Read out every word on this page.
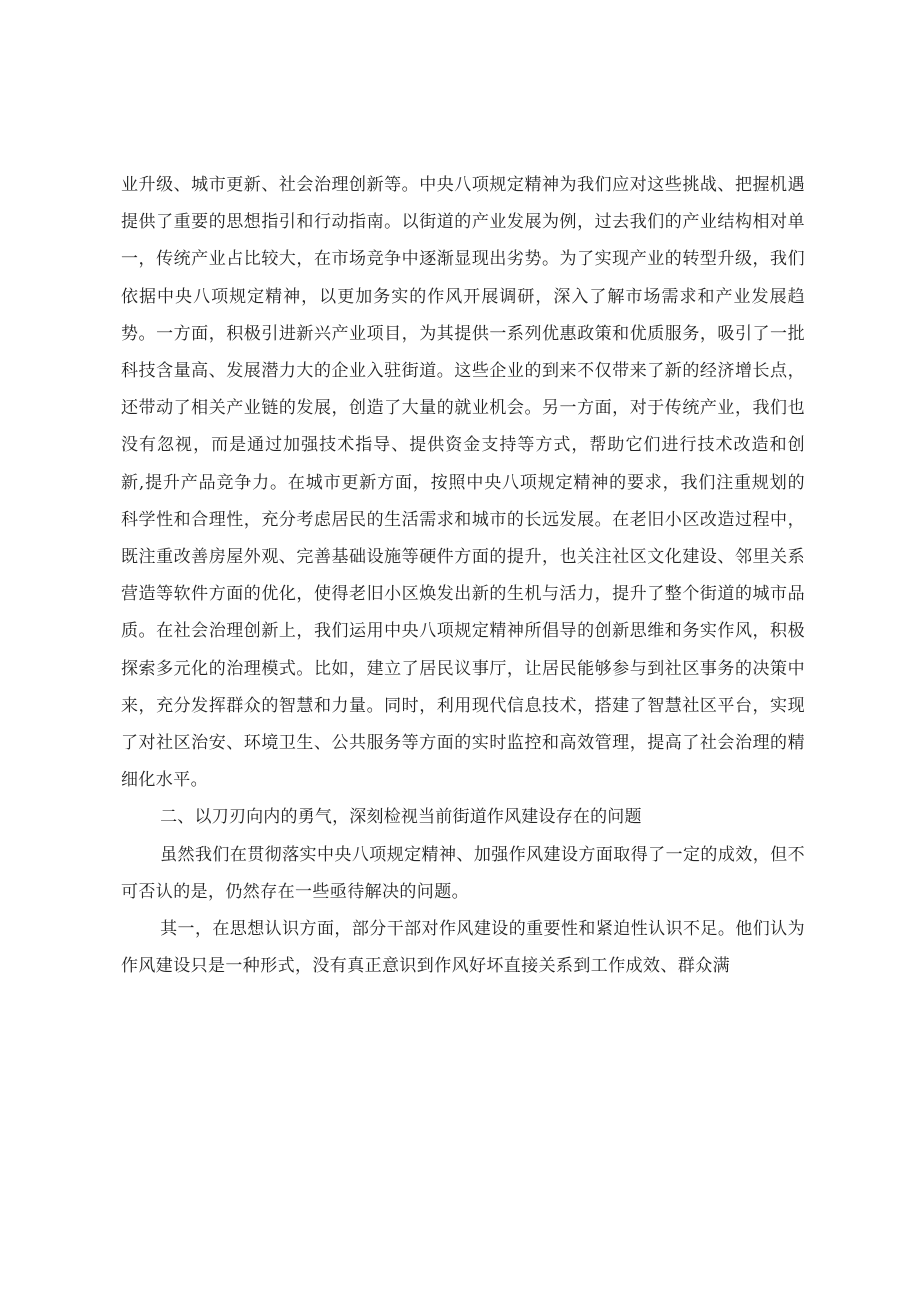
业升级、城市更新、社会治理创新等。中央八项规定精神为我们应对这些挑战、把握机遇提供了重要的思想指引和行动指南。以街道的产业发展为例，过去我们的产业结构相对单一，传统产业占比较大，在市场竞争中逐渐显现出劣势。为了实现产业的转型升级，我们依据中央八项规定精神，以更加务实的作风开展调研，深入了解市场需求和产业发展趋势。一方面，积极引进新兴产业项目，为其提供一系列优惠政策和优质服务，吸引了一批科技含量高、发展潜力大的企业入驻街道。这些企业的到来不仅带来了新的经济增长点，还带动了相关产业链的发展，创造了大量的就业机会。另一方面，对于传统产业，我们也没有忽视，而是通过加强技术指导、提供资金支持等方式，帮助它们进行技术改造和创新,提升产品竞争力。在城市更新方面，按照中央八项规定精神的要求，我们注重规划的科学性和合理性，充分考虑居民的生活需求和城市的长远发展。在老旧小区改造过程中，既注重改善房屋外观、完善基础设施等硬件方面的提升，也关注社区文化建设、邻里关系营造等软件方面的优化，使得老旧小区焕发出新的生机与活力，提升了整个街道的城市品质。在社会治理创新上，我们运用中央八项规定精神所倡导的创新思维和务实作风，积极探索多元化的治理模式。比如，建立了居民议事厅，让居民能够参与到社区事务的决策中来，充分发挥群众的智慧和力量。同时，利用现代信息技术，搭建了智慧社区平台，实现了对社区治安、环境卫生、公共服务等方面的实时监控和高效管理，提高了社会治理的精细化水平。

二、以刀刃向内的勇气，深刻检视当前街道作风建设存在的问题

虽然我们在贯彻落实中央八项规定精神、加强作风建设方面取得了一定的成效，但不可否认的是，仍然存在一些亟待解决的问题。

其一，在思想认识方面，部分干部对作风建设的重要性和紧迫性认识不足。他们认为作风建设只是一种形式，没有真正意识到作风好坏直接关系到工作成效、群众满
